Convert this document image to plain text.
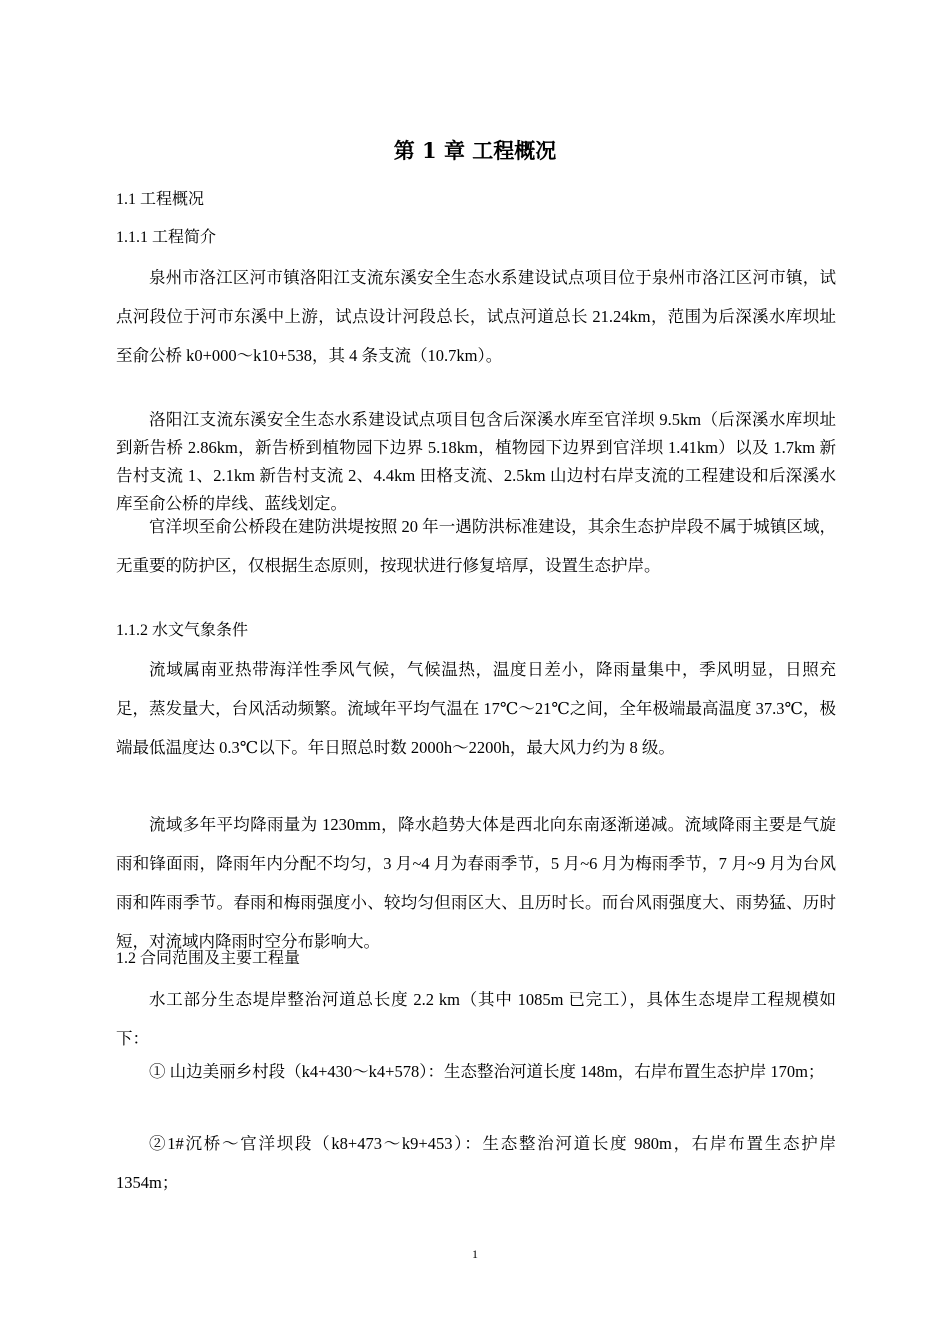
第 1 章 工程概况
1.1 工程概况
1.1.1 工程简介

泉州市洛江区河市镇洛阳江支流东溪安全生态水系建设试点项目位于泉州市洛江区河市镇，试点河段位于河市东溪中上游，试点设计河段总长，试点河道总长 21.24km，范围为后深溪水库坝址至俞公桥 k0+000～k10+538，其 4 条支流（10.7km）。

洛阳江支流东溪安全生态水系建设试点项目包含后深溪水库至官洋坝 9.5km（后深溪水库坝址到新告桥 2.86km，新告桥到植物园下边界 5.18km，植物园下边界到官洋坝 1.41km）以及 1.7km 新告村支流 1、2.1km 新告村支流 2、4.4km 田格支流、2.5km 山边村右岸支流的工程建设和后深溪水库至俞公桥的岸线、蓝线划定。

官洋坝至俞公桥段在建防洪堤按照 20 年一遇防洪标准建设，其余生态护岸段不属于城镇区域，无重要的防护区，仅根据生态原则，按现状进行修复培厚，设置生态护岸。

1.1.2 水文气象条件

流域属南亚热带海洋性季风气候，气候温热，温度日差小，降雨量集中，季风明显，日照充足，蒸发量大，台风活动频繁。流域年平均气温在 17℃～21℃之间，全年极端最高温度 37.3℃，极端最低温度达 0.3℃以下。年日照总时数 2000h～2200h，最大风力约为 8 级。

流域多年平均降雨量为 1230mm，降水趋势大体是西北向东南逐渐递减。流域降雨主要是气旋雨和锋面雨，降雨年内分配不均匀，3 月~4 月为春雨季节，5 月~6 月为梅雨季节，7 月~9 月为台风雨和阵雨季节。春雨和梅雨强度小、较均匀但雨区大、且历时长。而台风雨强度大、雨势猛、历时短，对流域内降雨时空分布影响大。

1.2 合同范围及主要工程量

水工部分生态堤岸整治河道总长度 2.2 km（其中 1085m 已完工），具体生态堤岸工程规模如下：

① 山边美丽乡村段（k4+430～k4+578）：生态整治河道长度 148m，右岸布置生态护岸 170m；

②1#沉桥～官洋坝段（k8+473～k9+453）：生态整治河道长度 980m，右岸布置生态护岸 1354m；

1
